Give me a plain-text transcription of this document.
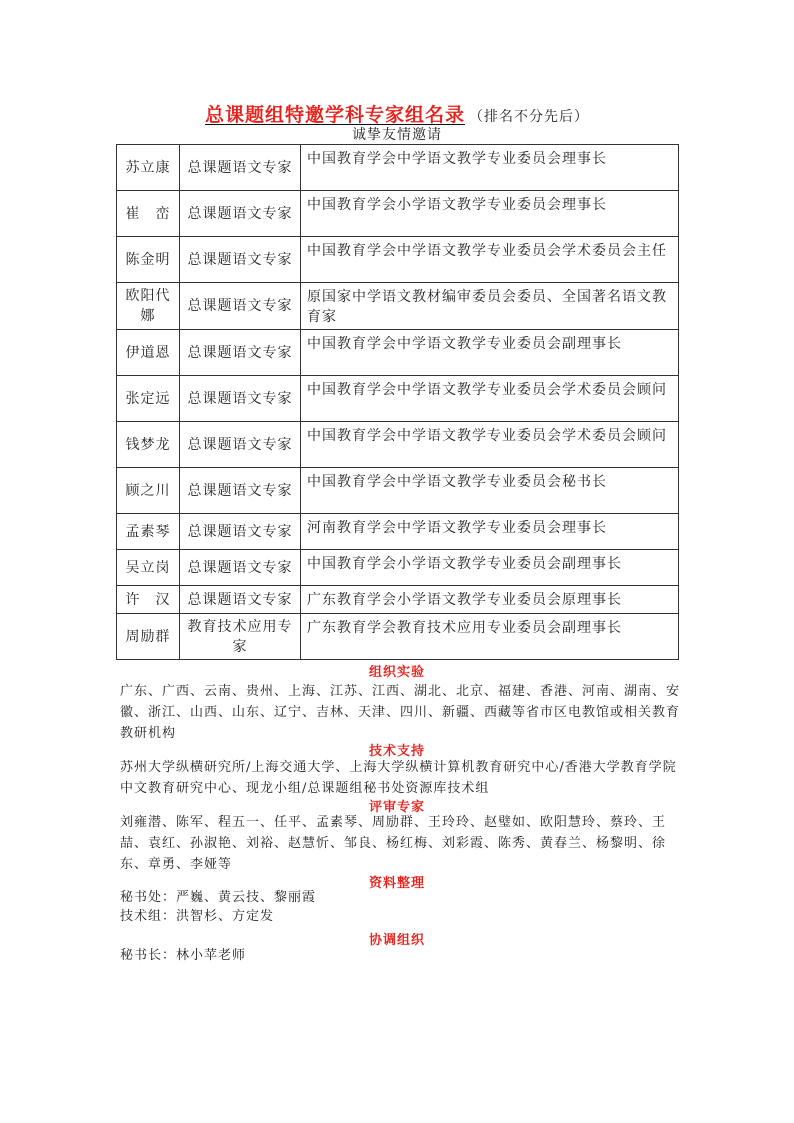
总课题组特邀学科专家组名录 （排名不分先后）
诚挚友情邀请
苏立康	总课题语文专家	中国教育学会中学语文教学专业委员会理事长
崔　峦	总课题语文专家	中国教育学会小学语文教学专业委员会理事长
陈金明	总课题语文专家	中国教育学会中学语文教学专业委员会学术委员会主任
欧阳代娜	总课题语文专家	原国家中学语文教材编审委员会委员、全国著名语文教育家
伊道恩	总课题语文专家	中国教育学会中学语文教学专业委员会副理事长
张定远	总课题语文专家	中国教育学会中学语文教学专业委员会学术委员会顾问
钱梦龙	总课题语文专家	中国教育学会中学语文教学专业委员会学术委员会顾问
顾之川	总课题语文专家	中国教育学会中学语文教学专业委员会秘书长
孟素琴	总课题语文专家	河南教育学会中学语文教学专业委员会理事长
吴立岗	总课题语文专家	中国教育学会小学语文教学专业委员会副理事长
许　汉	总课题语文专家	广东教育学会小学语文教学专业委员会原理事长
周励群	教育技术应用专家	广东教育学会教育技术应用专业委员会副理事长
组织实验
广东、广西、云南、贵州、上海、江苏、江西、湖北、北京、福建、香港、河南、湖南、安徽、浙江、山西、山东、辽宁、吉林、天津、四川、新疆、西藏等省市区电教馆或相关教育教研机构
技术支持
苏州大学纵横研究所/上海交通大学、上海大学纵横计算机教育研究中心/香港大学教育学院中文教育研究中心、现龙小组/总课题组秘书处资源库技术组
评审专家
刘雍潜、陈军、程五一、任平、孟素琴、周励群、王玲玲、赵璧如、欧阳慧玲、蔡玲、王喆、袁红、孙淑艳、刘裕、赵慧忻、邹良、杨红梅、刘彩霞、陈秀、黄春兰、杨黎明、徐东、章勇、李娅等
资料整理
秘书处：严巍、黄云技、黎丽霞
技术组：洪智杉、方定发
协调组织
秘书长：林小苹老师
